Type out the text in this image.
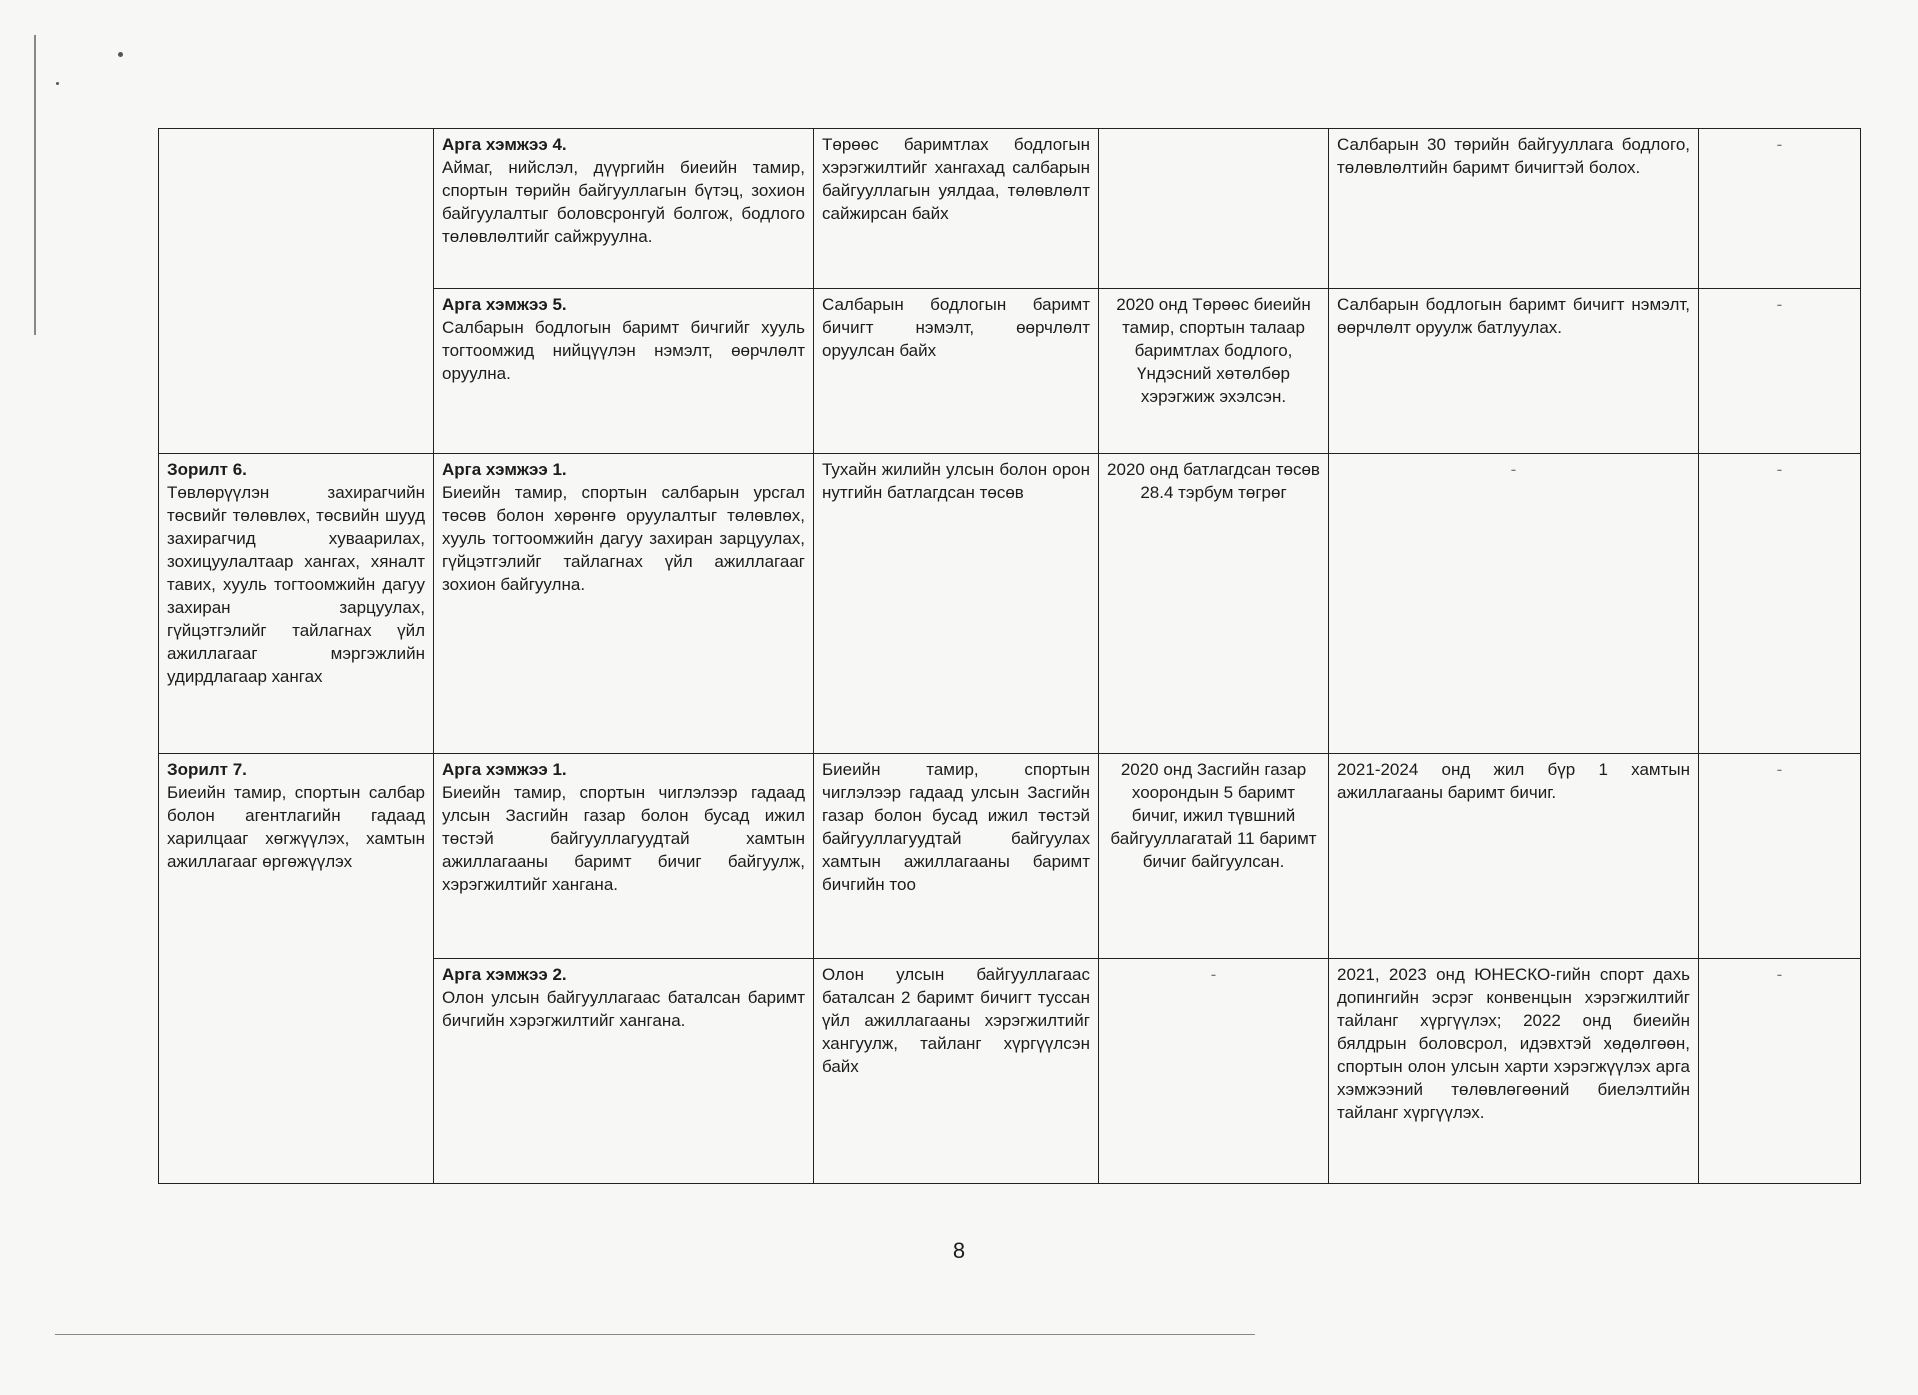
	Арга хэмжээ 4.
Аймаг, нийслэл, дүүргийн биеийн тамир, спортын төрийн байгууллагын бүтэц, зохион байгуулалтыг боловсронгуй болгож, бодлого төлөвлөлтийг сайжруулна.	Төрөөс баримтлах бодлогын хэрэгжилтийг хангахад салбарын байгууллагын уялдаа, төлөвлөлт сайжирсан байх		Салбарын 30 төрийн байгууллага бодлого, төлөвлөлтийн баримт бичигтэй болох.	-

	Арга хэмжээ 5.
Салбарын бодлогын баримт бичгийг хууль тогтоомжид нийцүүлэн нэмэлт, өөрчлөлт оруулна.	Салбарын бодлогын баримт бичигт нэмэлт, өөрчлөлт оруулсан байх	2020 онд Төрөөс биеийн тамир, спортын талаар баримтлах бодлого, Үндэсний хөтөлбөр хэрэгжиж эхэлсэн.	Салбарын бодлогын баримт бичигт нэмэлт, өөрчлөлт оруулж батлуулах.	-

Зорилт 6.
Төвлөрүүлэн захирагчийн төсвийг төлөвлөх, төсвийн шууд захирагчид хуваарилах, зохицуулалтаар хангах, хяналт тавих, хууль тогтоомжийн дагуу захиран зарцуулах, гүйцэтгэлийг тайлагнах үйл ажиллагааг мэргэжлийн удирдлагаар хангах	Арга хэмжээ 1.
Биеийн тамир, спортын салбарын урсгал төсөв болон хөрөнгө оруулалтыг төлөвлөх, хууль тогтоомжийн дагуу захиран зарцуулах, гүйцэтгэлийг тайлагнах үйл ажиллагааг зохион байгуулна.	Тухайн жилийн улсын болон орон нутгийн батлагдсан төсөв	2020 онд батлагдсан төсөв 28.4 тэрбум төгрөг	-	-

Зорилт 7.
Биеийн тамир, спортын салбар болон агентлагийн гадаад харилцааг хөгжүүлэх, хамтын ажиллагааг өргөжүүлэх	Арга хэмжээ 1.
Биеийн тамир, спортын чиглэлээр гадаад улсын Засгийн газар болон бусад ижил төстэй байгууллагуудтай хамтын ажиллагааны баримт бичиг байгуулж, хэрэгжилтийг хангана.	Биеийн тамир, спортын чиглэлээр гадаад улсын Засгийн газар болон бусад ижил төстэй байгууллагуудтай байгуулах хамтын ажиллагааны баримт бичгийн тоо	2020 онд Засгийн газар хоорондын 5 баримт бичиг, ижил түвшний байгууллагатай 11 баримт бичиг байгуулсан.	2021-2024 онд жил бүр 1 хамтын ажиллагааны баримт бичиг.	-

	Арга хэмжээ 2.
Олон улсын байгууллагаас баталсан баримт бичгийн хэрэгжилтийг хангана.	Олон улсын байгууллагаас баталсан 2 баримт бичигт туссан үйл ажиллагааны хэрэгжилтийг хангуулж, тайланг хүргүүлсэн байх	-	2021, 2023 онд ЮНЕСКО-гийн спорт дахь допингийн эсрэг конвенцын хэрэгжилтийг тайланг хүргүүлэх; 2022 онд биеийн бялдрын боловсрол, идэвхтэй хөдөлгөөн, спортын олон улсын харти хэрэгжүүлэх арга хэмжээний төлөвлөгөөний биелэлтийн тайланг хүргүүлэх.	-
8
